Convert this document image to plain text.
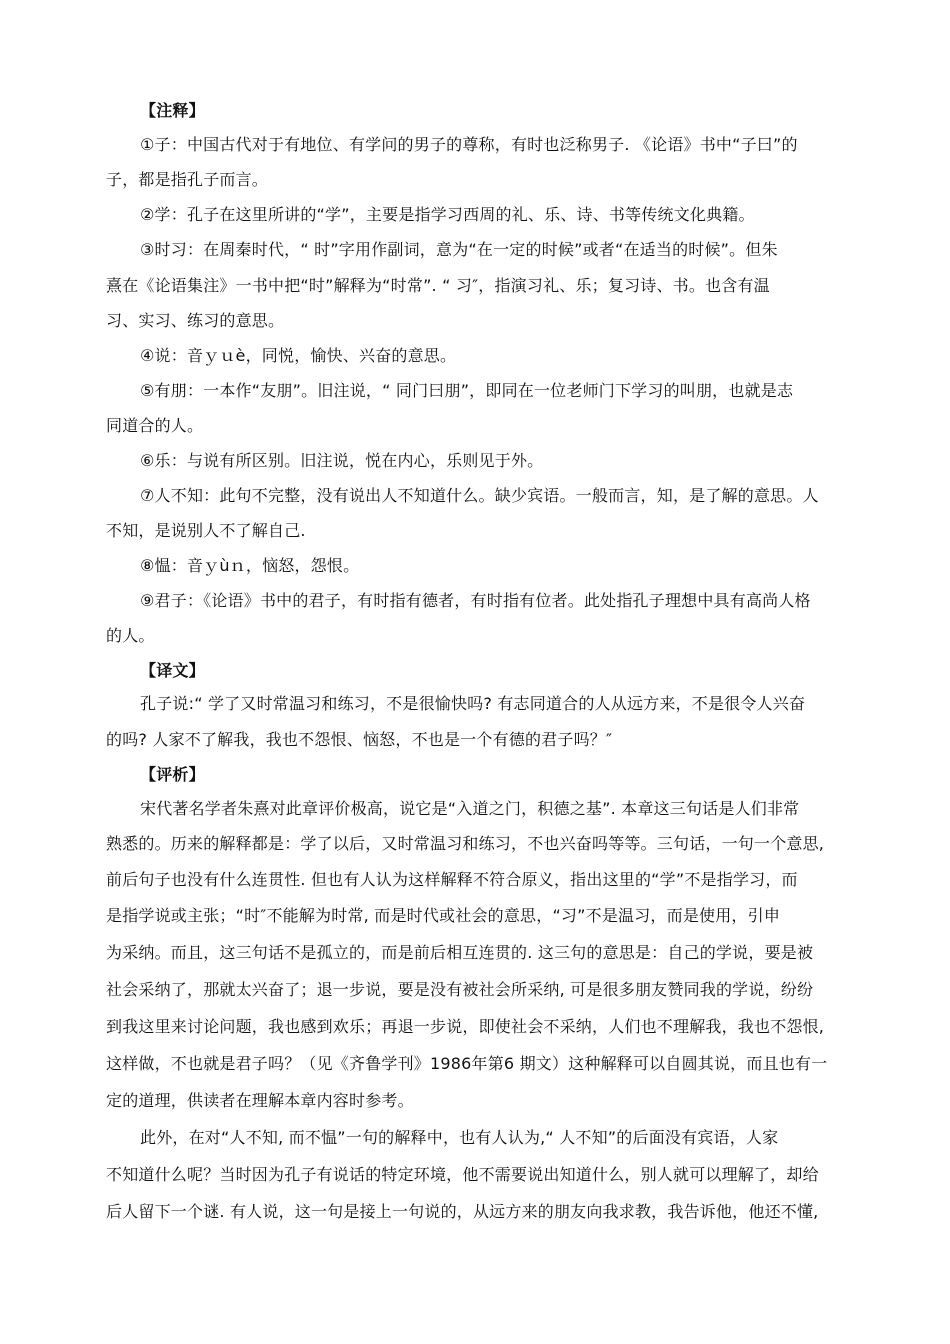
【注释】
①子：中国古代对于有地位、有学问的男子的尊称，有时也泛称男子. 《论语》书中“子曰”的
子，都是指孔子而言。
②学：孔子在这里所讲的“学”，主要是指学习西周的礼、乐、诗、书等传统文化典籍。
③时习：在周秦时代，“ 时”字用作副词，意为“在一定的时候”或者“在适当的时候”。但朱
熹在《论语集注》一书中把“时”解释为“时常”. “ 习″，指演习礼、乐；复习诗、书。也含有温
习、实习、练习的意思。
④说：音ｙｕè，同悦，愉快、兴奋的意思。
⑤有朋：一本作“友朋”。旧注说，“ 同门曰朋”，即同在一位老师门下学习的叫朋，也就是志
同道合的人。
⑥乐：与说有所区别。旧注说，悦在内心，乐则见于外。
⑦人不知：此句不完整，没有说出人不知道什么。缺少宾语。一般而言，知，是了解的意思。人
不知，是说别人不了解自己.
⑧愠：音ｙùｎ，恼怒，怨恨。
⑨君子：《论语》书中的君子，有时指有德者，有时指有位者。此处指孔子理想中具有高尚人格
的人。
【译文】
孔子说:“ 学了又时常温习和练习，不是很愉快吗? 有志同道合的人从远方来，不是很令人兴奋
的吗? 人家不了解我，我也不怨恨、恼怒，不也是一个有德的君子吗？″
【评析】
宋代著名学者朱熹对此章评价极高，说它是“入道之门，积德之基”. 本章这三句话是人们非常
熟悉的。历来的解释都是：学了以后，又时常温习和练习，不也兴奋吗等等。三句话，一句一个意思,
前后句子也没有什么连贯性. 但也有人认为这样解释不符合原义，指出这里的“学”不是指学习，而
是指学说或主张；“时″不能解为时常, 而是时代或社会的意思，“习”不是温习，而是使用，引申
为采纳。而且，这三句话不是孤立的，而是前后相互连贯的. 这三句的意思是：自己的学说，要是被
社会采纳了，那就太兴奋了；退一步说，要是没有被社会所采纳, 可是很多朋友赞同我的学说，纷纷
到我这里来讨论问题，我也感到欢乐；再退一步说，即使社会不采纳，人们也不理解我，我也不怨恨,
这样做，不也就是君子吗？（见《齐鲁学刊》1986年第6 期文）这种解释可以自圆其说，而且也有一
定的道理，供读者在理解本章内容时参考。
此外，在对“人不知, 而不愠”一句的解释中，也有人认为,“ 人不知”的后面没有宾语，人家
不知道什么呢？当时因为孔子有说话的特定环境，他不需要说出知道什么，别人就可以理解了，却给
后人留下一个谜. 有人说，这一句是接上一句说的，从远方来的朋友向我求教，我告诉他，他还不懂,
